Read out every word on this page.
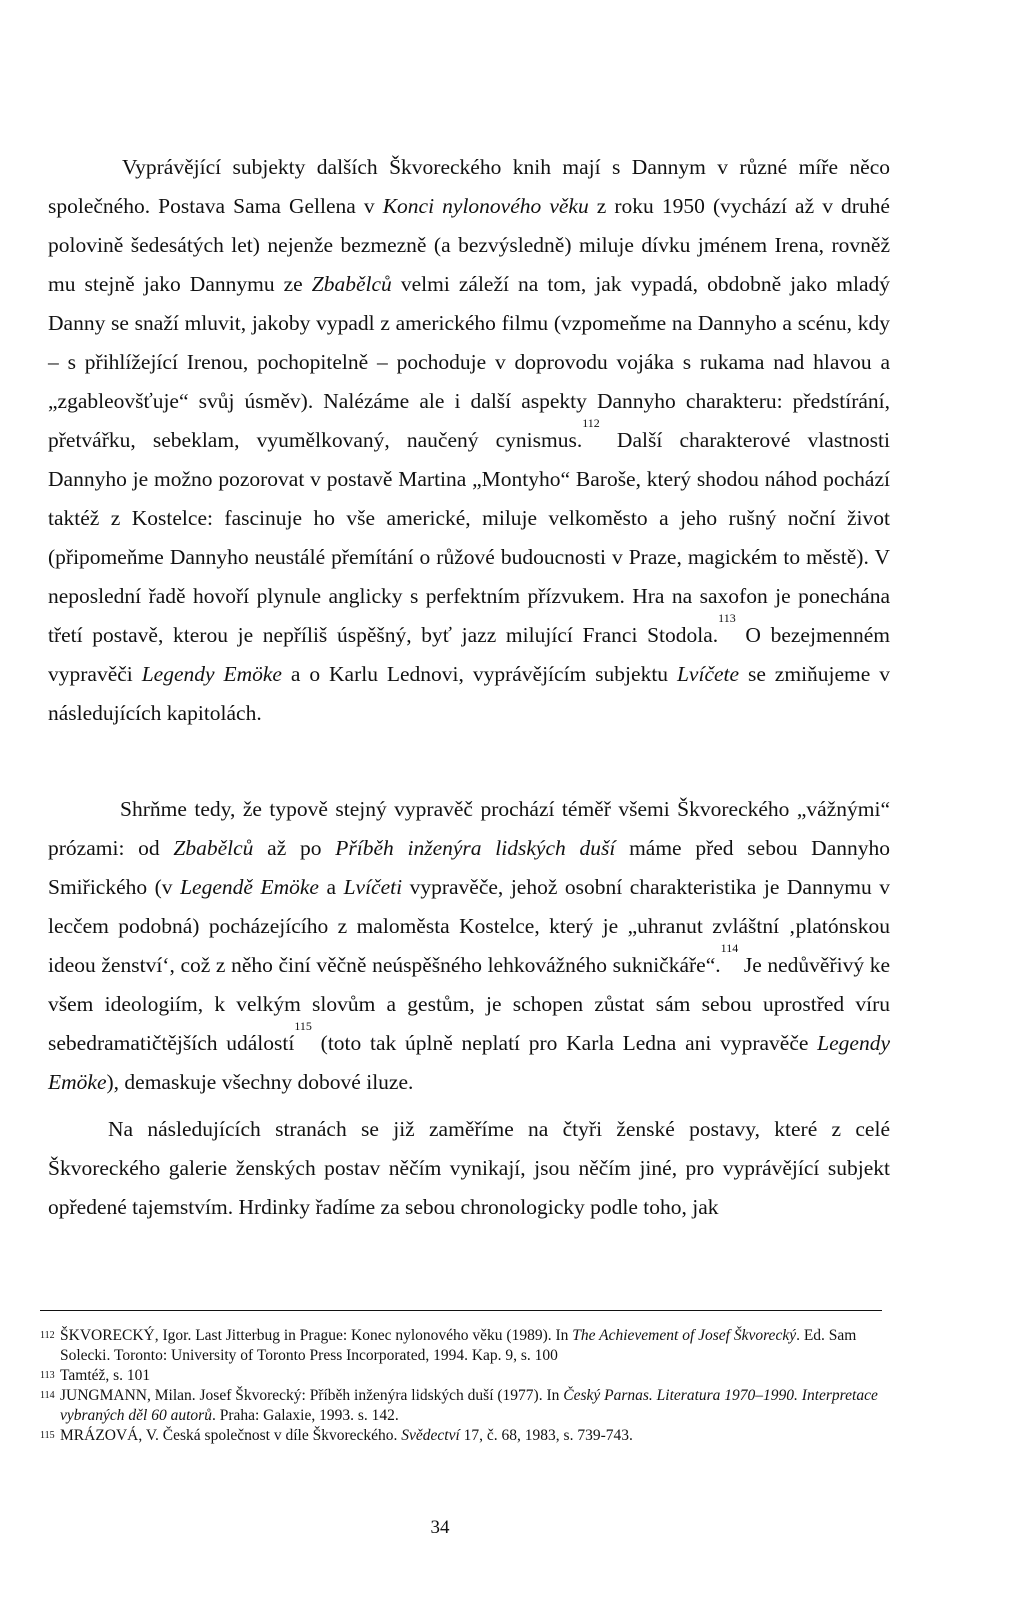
Vyprávějící subjekty dalších Škvoreckého knih mají s Dannym v různé míře něco společného. Postava Sama Gellena v Konci nylonového věku z roku 1950 (vychází až v druhé polovině šedesátých let) nejenže bezmezně (a bezvýsledně) miluje dívku jménem Irena, rovněž mu stejně jako Dannymu ze Zbabělců velmi záleží na tom, jak vypadá, obdobně jako mladý Danny se snaží mluvit, jakoby vypadl z amerického filmu (vzpomeňme na Dannyho a scénu, kdy – s přihlížející Irenou, pochopitelně – pochoduje v doprovodu vojáka s rukama nad hlavou a „zgableovšťuje“ svůj úsměv). Nalézáme ale i další aspekty Dannyho charakteru: předstírání, přetvářku, sebeklam, vyumělkovaný, naučený cynismus.$^{112}$ Další charakterové vlastnosti Dannyho je možno pozorovat v postavě Martina „Montyho“ Baroše, který shodou náhod pochází taktéž z Kostelce: fascinuje ho vše americké, miluje velkoměsto a jeho rušný noční život (připomeňme Dannyho neustálé přemítání o růžové budoucnosti v Praze, magickém to městě). V neposlední řadě hovoří plynule anglicky s perfektním přízvukem. Hra na saxofon je ponechána třetí postavě, kterou je nepříliš úspěšný, byť jazz milující Franci Stodola.$^{113}$ O bezejmenném vypravěči Legendy Emöke a o Karlu Lednovi, vyprávějícím subjektu Lvíčete se zmiňujeme v následujících kapitolách.

Shrňme tedy, že typově stejný vypravěč prochází téměř všemi Škvoreckého „vážnými“ prózami: od Zbabělců až po Příběh inženýra lidských duší máme před sebou Dannyho Smiřického (v Legendě Emöke a Lvíčeti vypravěče, jehož osobní charakteristika je Dannymu v lecčem podobná) pocházejícího z maloměsta Kostelce, který je „uhranut zvláštní ‚platónskou ideou ženství‘, což z něho činí věčně neúspěšného lehkovážného sukničkáře“.$^{114}$ Je nedůvěřivý ke všem ideologiím, k velkým slovům a gestům, je schopen zůstat sám sebou uprostřed víru sebedramatičtějších událostí$^{115}$ (toto tak úplně neplatí pro Karla Ledna ani vypravěče Legendy Emöke), demaskuje všechny dobové iluze.

Na následujících stranách se již zaměříme na čtyři ženské postavy, které z celé Škvoreckého galerie ženských postav něčím vynikají, jsou něčím jiné, pro vyprávějící subjekt opředené tajemstvím. Hrdinky řadíme za sebou chronologicky podle toho, jak

112 ŠKVORECKÝ, Igor. Last Jitterbug in Prague: Konec nylonového věku (1989). In The Achievement of Josef Škvorecký. Ed. Sam Solecki. Toronto: University of Toronto Press Incorporated, 1994. Kap. 9, s. 100
113 Tamtéž, s. 101
114 JUNGMANN, Milan. Josef Škvorecký: Příběh inženýra lidských duší (1977). In Český Parnas. Literatura 1970–1990. Interpretace vybraných děl 60 autorů. Praha: Galaxie, 1993. s. 142.
115 MRÁZOVÁ, V. Česká společnost v díle Škvoreckého. Svědectví 17, č. 68, 1983, s. 739-743.
34
